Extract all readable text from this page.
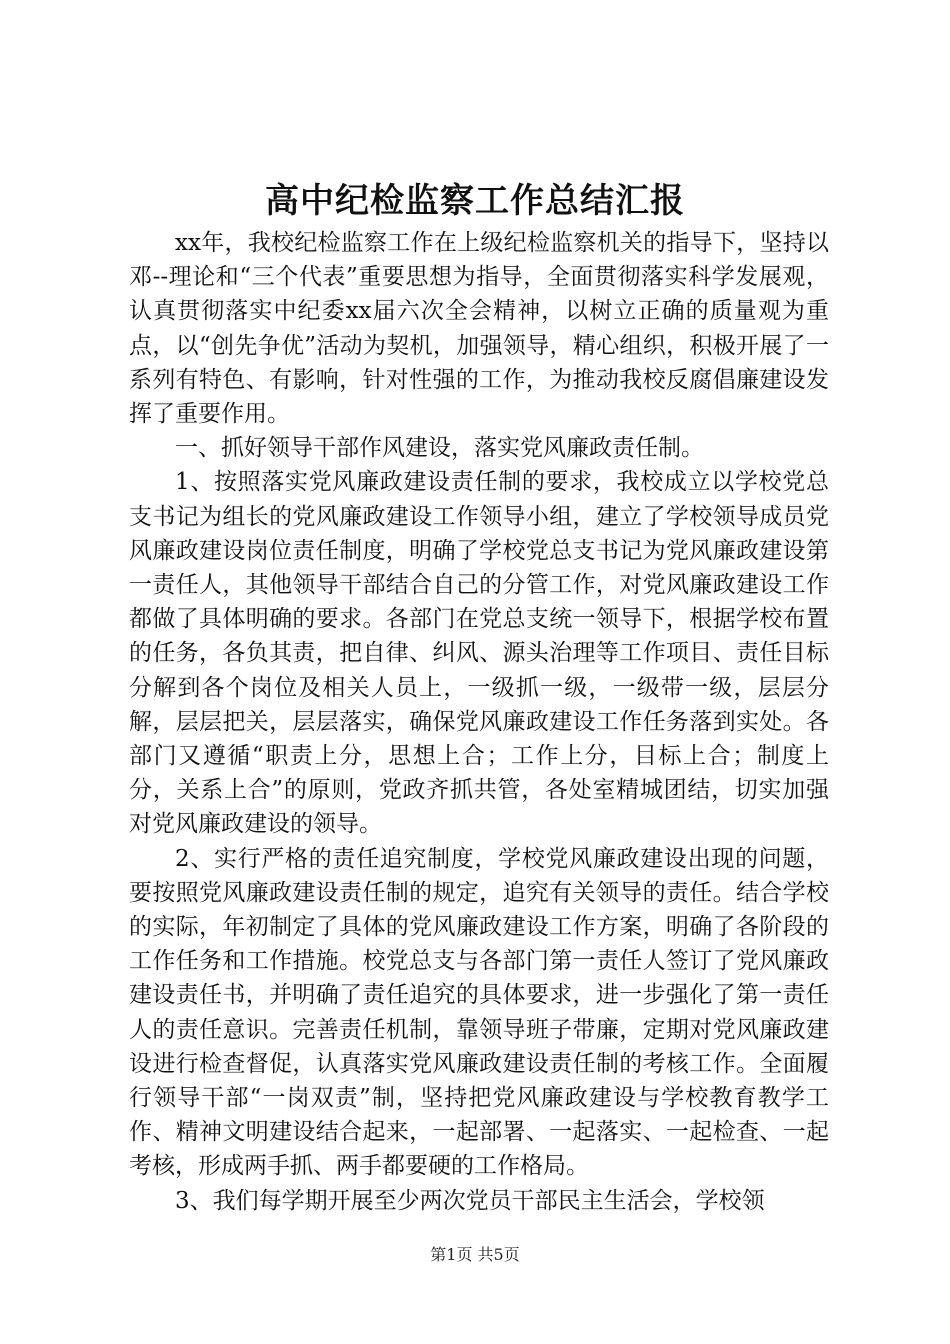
高中纪检监察工作总结汇报

xx年，我校纪检监察工作在上级纪检监察机关的指导下，坚持以邓--理论和“三个代表”重要思想为指导，全面贯彻落实科学发展观，认真贯彻落实中纪委xx届六次全会精神，以树立正确的质量观为重点，以“创先争优”活动为契机，加强领导，精心组织，积极开展了一系列有特色、有影响，针对性强的工作，为推动我校反腐倡廉建设发挥了重要作用。

一、抓好领导干部作风建设，落实党风廉政责任制。

1、按照落实党风廉政建设责任制的要求，我校成立以学校党总支书记为组长的党风廉政建设工作领导小组，建立了学校领导成员党风廉政建设岗位责任制度，明确了学校党总支书记为党风廉政建设第一责任人，其他领导干部结合自己的分管工作，对党风廉政建设工作都做了具体明确的要求。各部门在党总支统一领导下，根据学校布置的任务，各负其责，把自律、纠风、源头治理等工作项目、责任目标分解到各个岗位及相关人员上，一级抓一级，一级带一级，层层分解，层层把关，层层落实，确保党风廉政建设工作任务落到实处。各部门又遵循“职责上分，思想上合；工作上分，目标上合；制度上分，关系上合”的原则，党政齐抓共管，各处室精城团结，切实加强对党风廉政建设的领导。

2、实行严格的责任追究制度，学校党风廉政建设出现的问题，要按照党风廉政建设责任制的规定，追究有关领导的责任。结合学校的实际，年初制定了具体的党风廉政建设工作方案，明确了各阶段的工作任务和工作措施。校党总支与各部门第一责任人签订了党风廉政建设责任书，并明确了责任追究的具体要求，进一步强化了第一责任人的责任意识。完善责任机制，靠领导班子带廉，定期对党风廉政建设进行检查督促，认真落实党风廉政建设责任制的考核工作。全面履行领导干部“一岗双责”制，坚持把党风廉政建设与学校教育教学工作、精神文明建设结合起来，一起部署、一起落实、一起检查、一起考核，形成两手抓、两手都要硬的工作格局。

3、我们每学期开展至少两次党员干部民主生活会，学校领

第1页 共5页
